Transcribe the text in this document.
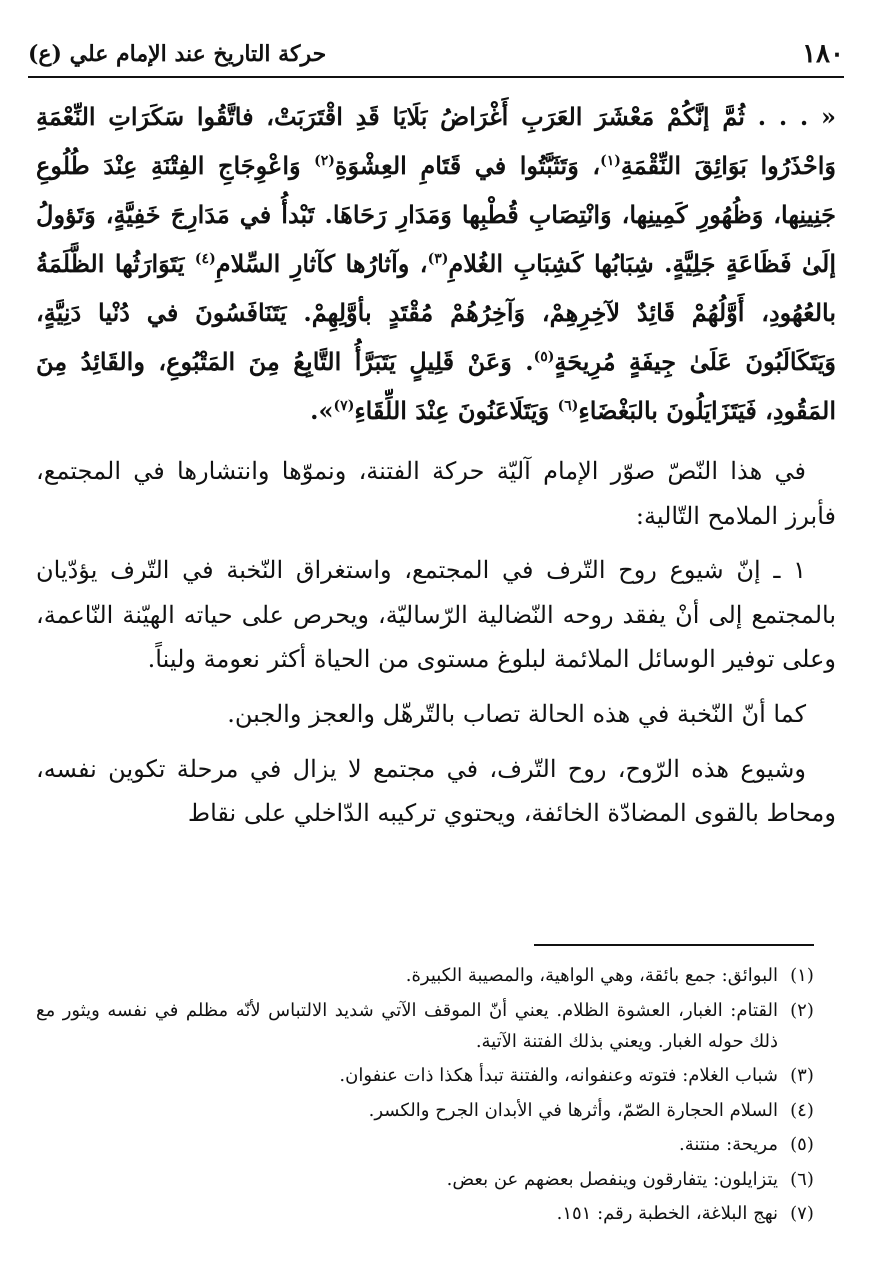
١٨٠
حركة التاريخ عند الإمام علي (ع)

« . . . ثُمَّ إنَّكُمْ مَعْشَرَ العَرَبِ أَغْرَاضُ بَلَايَا قَدِ اقْتَرَبَتْ، فاتَّقُوا سَكَرَاتِ النِّعْمَةِ وَاحْذَرُوا بَوَائِقَ النِّقْمَةِ$^{(١)}$، وَتَثَبَّتُوا في قَتَامِ العِشْوَةِ$^{(٢)}$ وَاعْوِجَاجِ الفِتْنَةِ عِنْدَ طُلُوعِ جَنِينِها، وَظُهُورِ كَمِينِها، وَانْتِصَابِ قُطْبِها وَمَدَارِ رَحَاهَا. تَبْدأُ في مَدَارِجَ خَفِيَّةٍ، وَتَؤولُ إلَىٰ فَظَاعَةٍ جَلِيَّةٍ. شِبَابُها كَشِبَابِ الغُلامِ$^{(٣)}$، وآثارُها كآثارِ السِّلامِ$^{(٤)}$ يَتَوَارَثُها الظَّلَمَةُ بالعُهُودِ، أَوَّلُهُمْ قَائِدٌ لآخِرِهِمْ، وَآخِرُهُمْ مُقْتَدٍ بأوَّلِهِمْ. يَتَنَافَسُونَ في دُنْيا دَنِيَّةٍ، وَيَتَكَالَبُونَ عَلَىٰ جِيفَةٍ مُرِيحَةٍ$^{(٥)}$. وَعَنْ قَلِيلٍ يَتَبَرَّأُ التَّابِعُ مِنَ المَتْبُوعِ، والقَائِدُ مِنَ المَقُودِ، فَيَتَزَايَلُونَ بالبَغْضَاءِ$^{(٦)}$ وَيَتَلَاعَنُونَ عِنْدَ اللِّقَاءِ$^{(٧)}$».

في هذا النّصّ صوّر الإمام آليّة حركة الفتنة، ونموّها وانتشارها في المجتمع، فأبرز الملامح التّالية:

١ ـ إنّ شيوع روح التّرف في المجتمع، واستغراق النّخبة في التّرف يؤدّيان بالمجتمع إلى أنْ يفقد روحه النّضالية الرّساليّة، ويحرص على حياته الهيّنة النّاعمة، وعلى توفير الوسائل الملائمة لبلوغ مستوى من الحياة أكثر نعومة وليناً.

كما أنّ النّخبة في هذه الحالة تصاب بالتّرهّل والعجز والجبن.

وشيوع هذه الرّوح، روح التّرف، في مجتمع لا يزال في مرحلة تكوين نفسه، ومحاط بالقوى المضادّة الخائفة، ويحتوي تركيبه الدّاخلي على نقاط

(١)
البوائق: جمع بائقة، وهي الواهية، والمصيبة الكبيرة.
(٢)
القتام: الغبار، العشوة الظلام. يعني أنّ الموقف الآتي شديد الالتباس لأنّه مظلم في نفسه ويثور مع ذلك حوله الغبار. ويعني بذلك الفتنة الآتية.
(٣)
شباب الغلام: فتوته وعنفوانه، والفتنة تبدأ هكذا ذات عنفوان.
(٤)
السلام الحجارة الصّمّ، وأثرها في الأبدان الجرح والكسر.
(٥)
مريحة: منتنة.
(٦)
يتزايلون: يتفارقون وينفصل بعضهم عن بعض.
(٧)
نهج البلاغة، الخطبة رقم: ١٥١.
